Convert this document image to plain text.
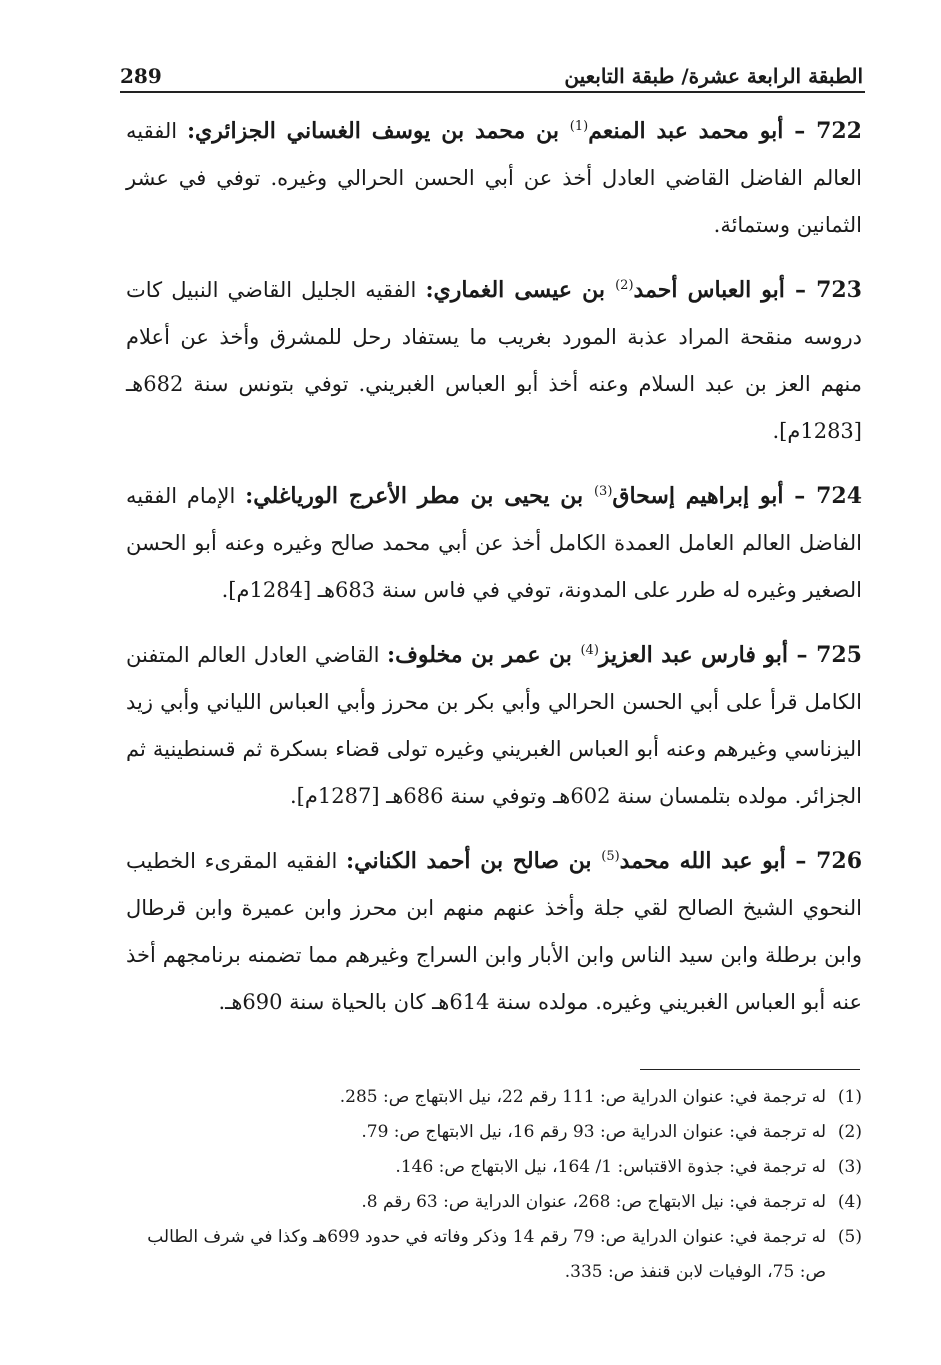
الطبقة الرابعة عشرة/ طبقة التابعين
289

722 – أبو محمد عبد المنعم$^{(1)}$ بن محمد بن يوسف الغساني الجزائري: الفقيه العالم الفاضل القاضي العادل أخذ عن أبي الحسن الحرالي وغيره. توفي في عشر الثمانين وستمائة.

723 – أبو العباس أحمد$^{(2)}$ بن عيسى الغماري: الفقيه الجليل القاضي النبيل كات دروسه منقحة المراد عذبة المورد بغريب ما يستفاد رحل للمشرق وأخذ عن أعلام منهم العز بن عبد السلام وعنه أخذ أبو العباس الغبريني. توفي بتونس سنة 682هـ [1283م].

724 – أبو إبراهيم إسحاق$^{(3)}$ بن يحيى بن مطر الأعرج الورياغلي: الإمام الفقيه الفاضل العالم العامل العمدة الكامل أخذ عن أبي محمد صالح وغيره وعنه أبو الحسن الصغير وغيره له طرر على المدونة، توفي في فاس سنة 683هـ [1284م].

725 – أبو فارس عبد العزيز$^{(4)}$ بن عمر بن مخلوف: القاضي العادل العالم المتفنن الكامل قرأ على أبي الحسن الحرالي وأبي بكر بن محرز وأبي العباس اللياني وأبي زيد اليزناسي وغيرهم وعنه أبو العباس الغبريني وغيره تولى قضاء بسكرة ثم قسنطينية ثم الجزائر. مولده بتلمسان سنة 602هـ وتوفي سنة 686هـ [1287م].

726 – أبو عبد الله محمد$^{(5)}$ بن صالح بن أحمد الكناني: الفقيه المقرىء الخطيب النحوي الشيخ الصالح لقي جلة وأخذ عنهم منهم ابن محرز وابن عميرة وابن قرطال وابن برطلة وابن سيد الناس وابن الأبار وابن السراج وغيرهم مما تضمنه برنامجهم أخذ عنه أبو العباس الغبريني وغيره. مولده سنة 614هـ كان بالحياة سنة 690هـ.

(1)
له ترجمة في: عنوان الدراية ص: 111 رقم 22، نيل الابتهاج ص: 285.
(2)
له ترجمة في: عنوان الدراية ص: 93 رقم 16، نيل الابتهاج ص: 79.
(3)
له ترجمة في: جذوة الاقتباس: 1/ 164، نيل الابتهاج ص: 146.
(4)
له ترجمة في: نيل الابتهاج ص: 268، عنوان الدراية ص: 63 رقم 8.
(5)
له ترجمة في: عنوان الدراية ص: 79 رقم 14 وذكر وفاته في حدود 699هـ وكذا في شرف الطالب ص: 75، الوفيات لابن قنفذ ص: 335.
